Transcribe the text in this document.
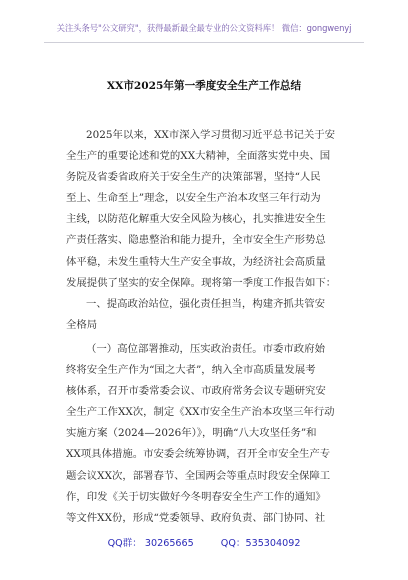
关注头条号"公文研究"，获得最新最全最专业的公文资料库！ 微信：gongwenyj
XX市2025年第一季度安全生产工作总结
2025年以来，XX市深入学习贯彻习近平总书记关于安
全生产的重要论述和党的XX大精神，全面落实党中央、国
务院及省委省政府关于安全生产的决策部署，坚持“人民
至上、生命至上”理念，以安全生产治本攻坚三年行动为
主线，以防范化解重大安全风险为核心，扎实推进安全生
产责任落实、隐患整治和能力提升，全市安全生产形势总
体平稳，未发生重特大生产安全事故，为经济社会高质量
发展提供了坚实的安全保障。现将第一季度工作报告如下：
一、提高政治站位，强化责任担当，构建齐抓共管安
全格局
（一）高位部署推动，压实政治责任。市委市政府始
终将安全生产作为“国之大者”，纳入全市高质量发展考
核体系，召开市委常委会议、市政府常务会议专题研究安
全生产工作XX次，制定《XX市安全生产治本攻坚三年行动
实施方案（2024—2026年）》，明确“八大攻坚任务”和
XX项具体措施。市安委会统筹协调，召开全市安全生产专
题会议XX次，部署春节、全国两会等重点时段安全保障工
作，印发《关于切实做好今冬明春安全生产工作的通知》
等文件XX份，形成“党委领导、政府负责、部门协同、社
QQ群： 30265665	QQ：535304092
